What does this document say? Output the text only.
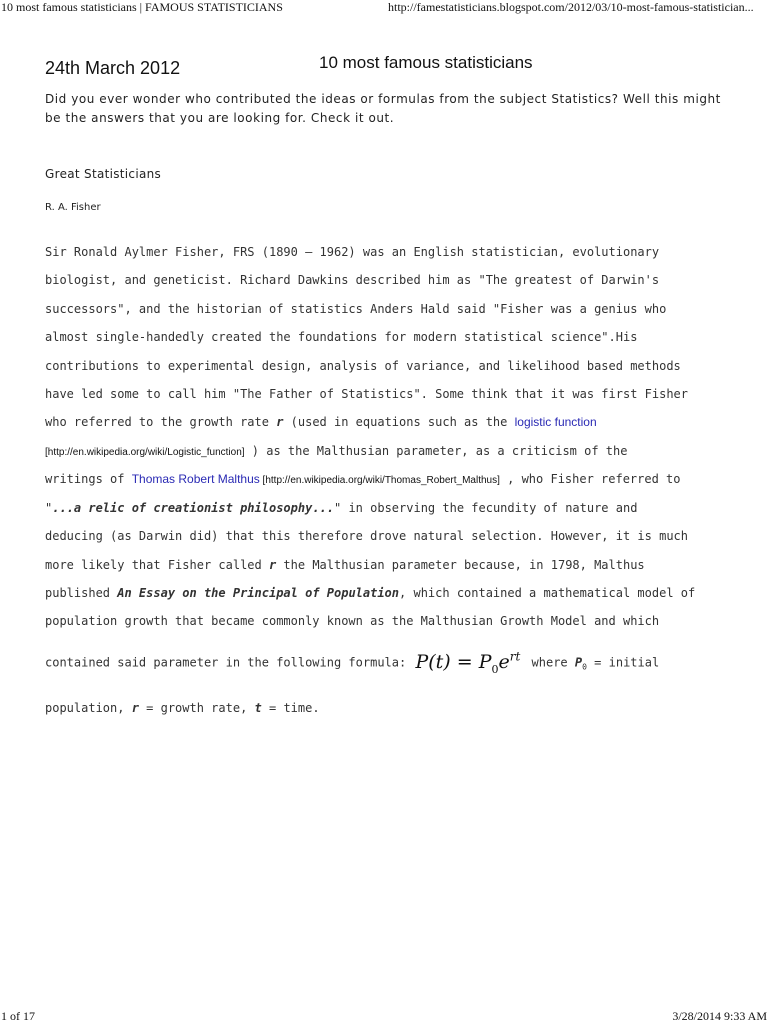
10 most famous statisticians | FAMOUS STATISTICIANS	http://famestatisticians.blogspot.com/2012/03/10-most-famous-statistician...
24th March 2012	10 most famous statisticians

Did you ever wonder who contributed the ideas or formulas from the subject Statistics? Well this might be the answers that you are looking for. Check it out.

Great Statisticians
R. A. Fisher
Sir Ronald Aylmer Fisher, FRS (1890 – 1962) was an English statistician, evolutionary
biologist, and geneticist. Richard Dawkins described him as "The greatest of Darwin's
successors", and the historian of statistics Anders Hald said "Fisher was a genius who
almost single-handedly created the foundations for modern statistical science".His
contributions to experimental design, analysis of variance, and likelihood based methods
have led some to call him "The Father of Statistics". Some think that it was first Fisher
who referred to the growth rate r (used in equations such as the logistic function
[http://en.wikipedia.org/wiki/Logistic_function] ) as the Malthusian parameter, as a criticism of the
writings of Thomas Robert Malthus [http://en.wikipedia.org/wiki/Thomas_Robert_Malthus] , who Fisher referred to
"...a relic of creationist philosophy..." in observing the fecundity of nature and
deducing (as Darwin did) that this therefore drove natural selection. However, it is much
more likely that Fisher called r the Malthusian parameter because, in 1798, Malthus
published An Essay on the Principal of Population, which contained a mathematical model of
population growth that became commonly known as the Malthusian Growth Model and which
contained said parameter in the following formula: $P(t) = P_0e^{rt}$ where $P_0$ = initial
population, r = growth rate, t = time.
1 of 17	3/28/2014 9:33 AM
